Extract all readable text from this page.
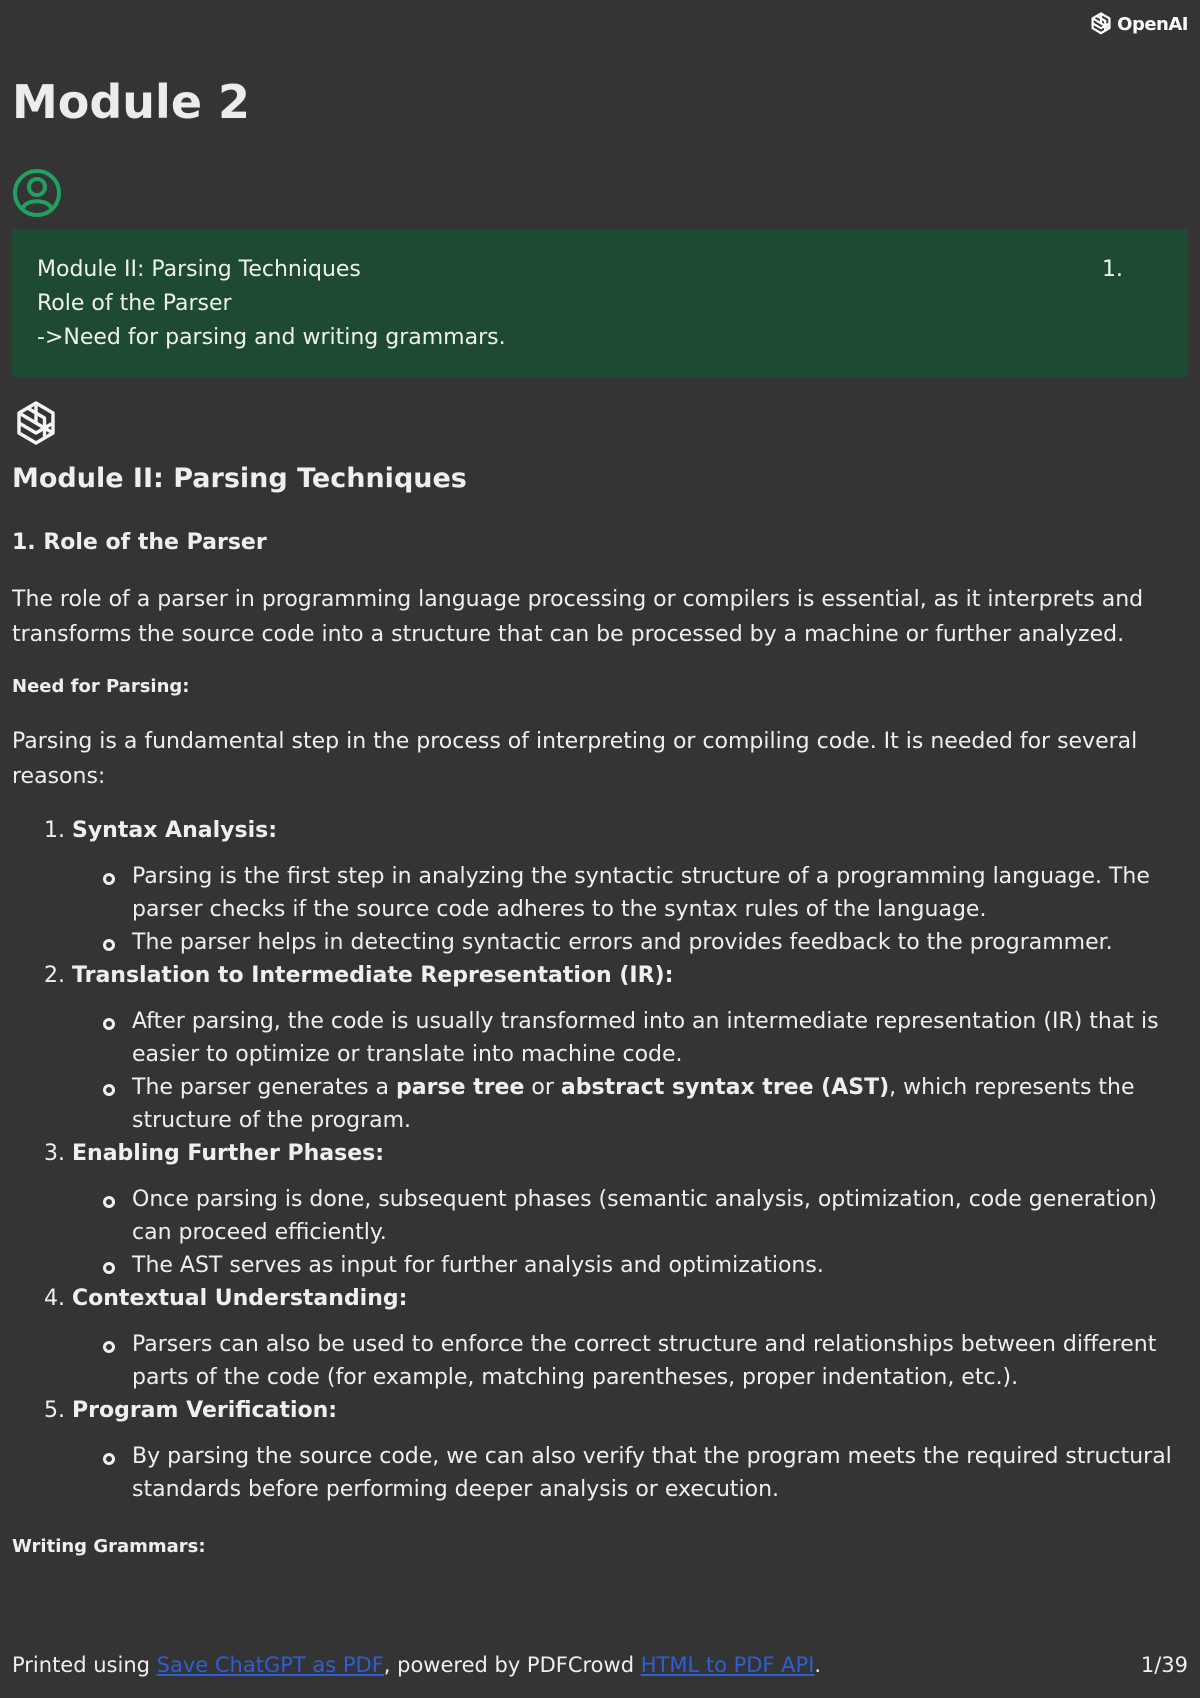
OpenAI
Module 2
Module II: Parsing Techniques	1.
Role of the Parser
->Need for parsing and writing grammars.
Module II: Parsing Techniques
1. Role of the Parser

The role of a parser in programming language processing or compilers is essential, as it interprets and transforms the source code into a structure that can be processed by a machine or further analyzed.

Need for Parsing:

Parsing is a fundamental step in the process of interpreting or compiling code. It is needed for several reasons:

1. Syntax Analysis:
Parsing is the first step in analyzing the syntactic structure of a programming language. The parser checks if the source code adheres to the syntax rules of the language.
The parser helps in detecting syntactic errors and provides feedback to the programmer.
2. Translation to Intermediate Representation (IR):
After parsing, the code is usually transformed into an intermediate representation (IR) that is easier to optimize or translate into machine code.
The parser generates a parse tree or abstract syntax tree (AST), which represents the structure of the program.
3. Enabling Further Phases:
Once parsing is done, subsequent phases (semantic analysis, optimization, code generation) can proceed efficiently.
The AST serves as input for further analysis and optimizations.
4. Contextual Understanding:
Parsers can also be used to enforce the correct structure and relationships between different parts of the code (for example, matching parentheses, proper indentation, etc.).
5. Program Verification:
By parsing the source code, we can also verify that the program meets the required structural standards before performing deeper analysis or execution.
Writing Grammars:
Printed using Save ChatGPT as PDF, powered by PDFCrowd HTML to PDF API.	1/39
